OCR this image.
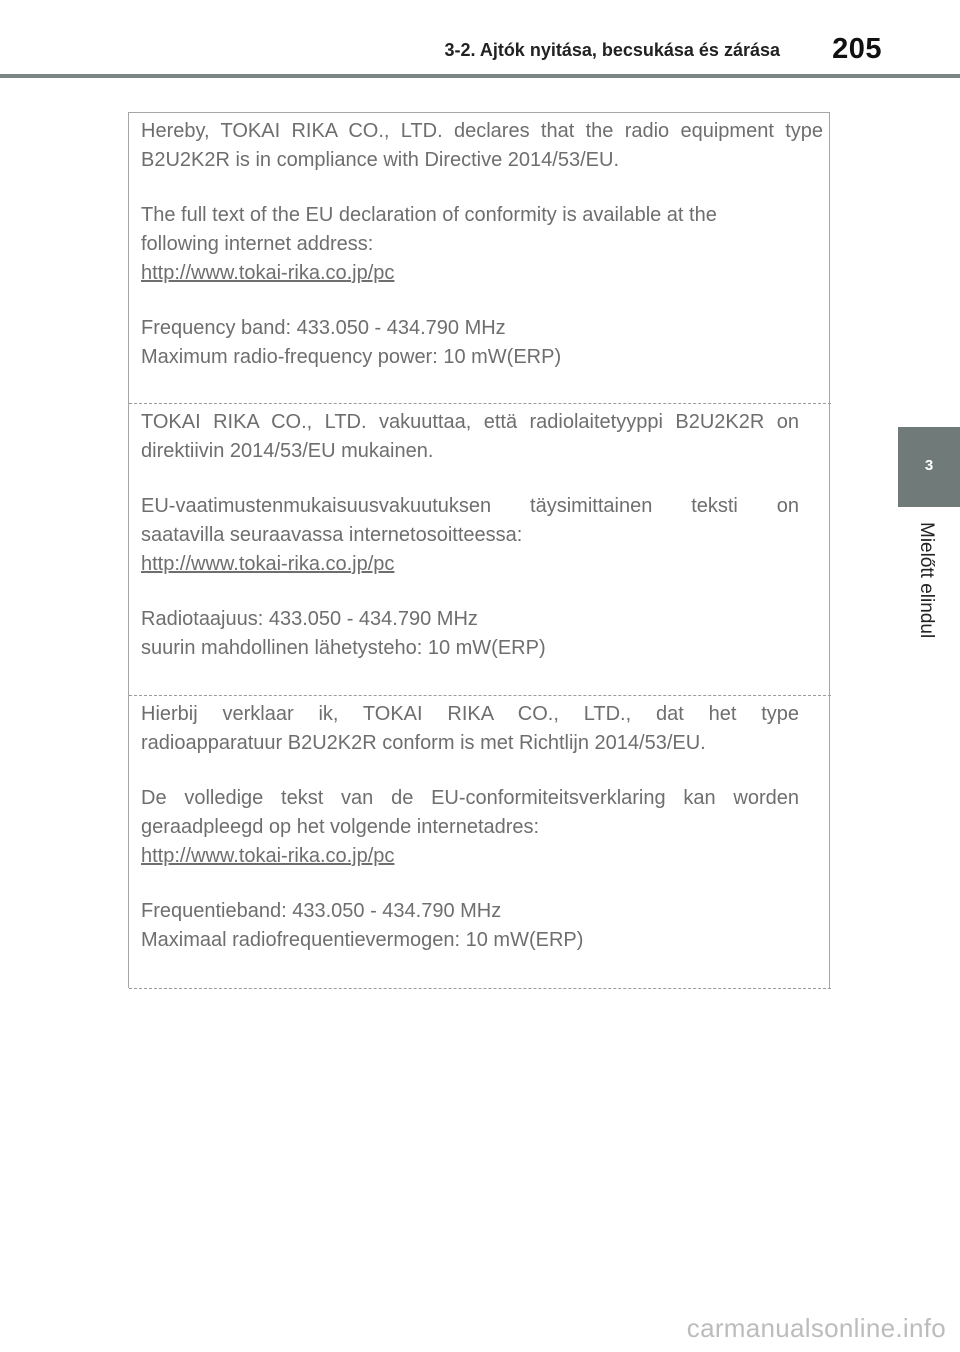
3-2. Ajtók nyitása, becsukása és zárása 205
3
Mielőtt elindul

Hereby, TOKAI RIKA CO., LTD. declares that the radio equipment type
B2U2K2R is in compliance with Directive 2014/53/EU.

The full text of the EU declaration of conformity is available at the
following internet address:
http://www.tokai-rika.co.jp/pc

Frequency band: 433.050 - 434.790 MHz
Maximum radio-frequency power: 10 mW(ERP)

TOKAI RIKA CO., LTD. vakuuttaa, että radiolaitetyyppi B2U2K2R on
direktiivin 2014/53/EU mukainen.

EU-vaatimustenmukaisuusvakuutuksen täysimittainen teksti on
saatavilla seuraavassa internetosoitteessa:
http://www.tokai-rika.co.jp/pc

Radiotaajuus: 433.050 - 434.790 MHz
suurin mahdollinen lähetysteho: 10 mW(ERP)

Hierbij verklaar ik, TOKAI RIKA CO., LTD., dat het type
radioapparatuur B2U2K2R conform is met Richtlijn 2014/53/EU.

De volledige tekst van de EU-conformiteitsverklaring kan worden
geraadpleegd op het volgende internetadres:
http://www.tokai-rika.co.jp/pc

Frequentieband: 433.050 - 434.790 MHz
Maximaal radiofrequentievermogen: 10 mW(ERP)

carmanualsonline.info
